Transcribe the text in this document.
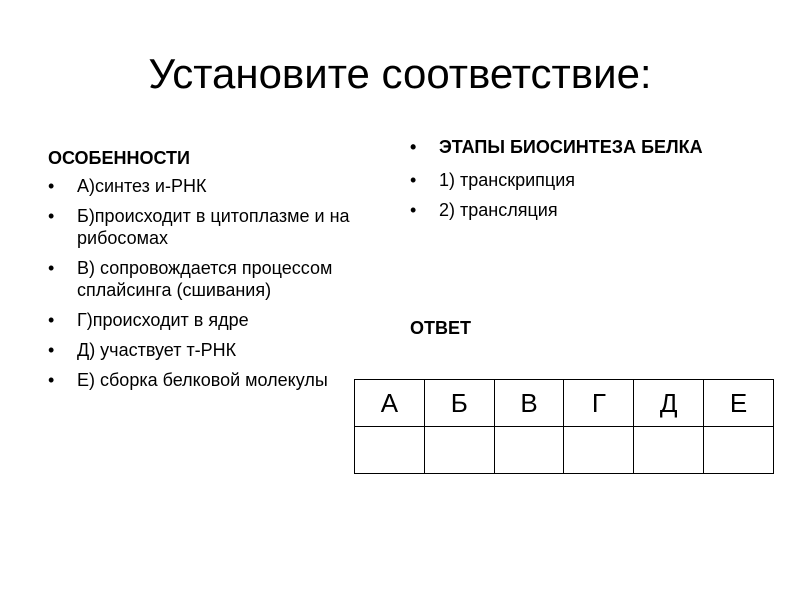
Установите соответствие:

ОСОБЕННОСТИ

•	А)синтез и-РНК
•	Б)происходит в цитоплазме и на рибосомах
•	В) сопровождается процессом сплайсинга (сшивания)
•	Г)происходит в ядре
•	Д) участвует т-РНК
•	Е) сборка белковой молекулы
•	ЭТАПЫ БИОСИНТЕЗА БЕЛКА
•	1) транскрипция
•	2) трансляция

ОТВЕТ

А	Б	В	Г	Д	Е
